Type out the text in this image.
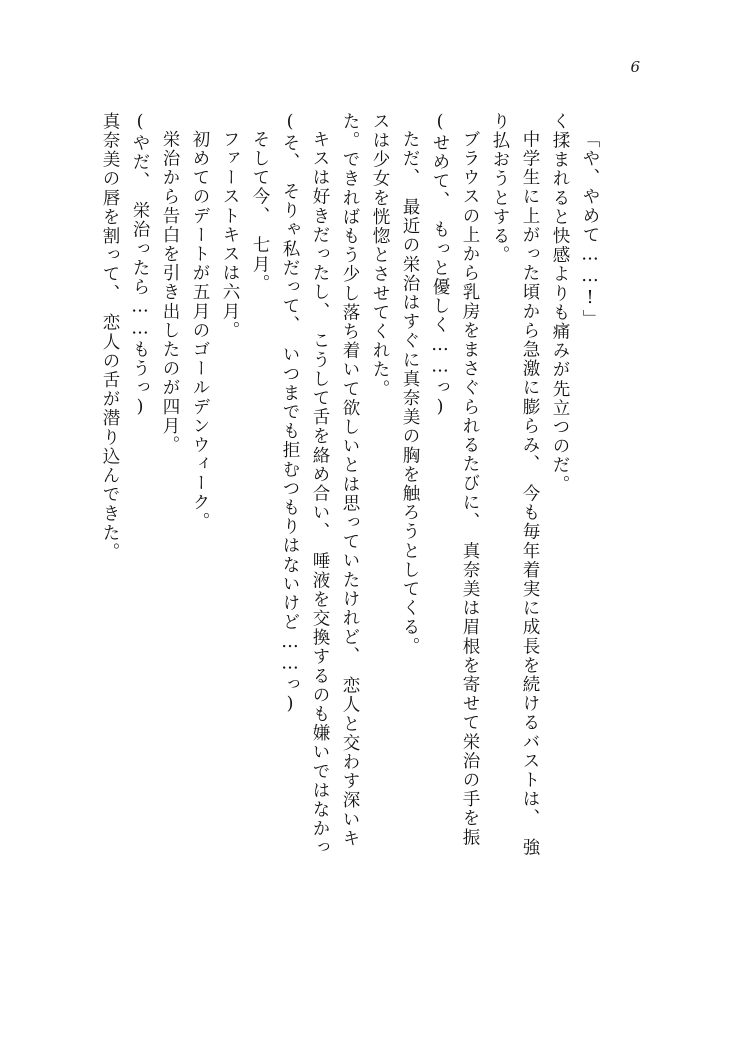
6
真奈美の唇を割って、　恋人の舌が潜り込んできた。 (やだ、　栄治ったら……もうっ) 栄治から告白を引き出したのが四月。 初めてのデートが五月のゴールデンウィーク。 ファーストキスは六月。 そして今、　七月。 (そ、　そりゃ私だって、　いつまでも拒むつもりはないけど……っ) キスは好きだったし、　こうして舌を絡め合い、　唾液を交換するのも嫌いではなかっ た。できればもう少し落ち着いて欲しいとは思っていたけれど、　恋人と交わす深いキ スは少女を恍惚とさせてくれた。 ただ、　最近の栄治はすぐに真奈美の胸を触ろうとしてくる。 (せめて、　もっと優しく……っ) ブラウスの上から乳房をまさぐられるたびに、　真奈美は眉根を寄せて栄治の手を振 り払おうとする。 中学生に上がった頃から急激に膨らみ、　今も毎年着実に成長を続けるバストは、　強 く揉まれると快感よりも痛みが先立つのだ。 「や、やめて……!」
